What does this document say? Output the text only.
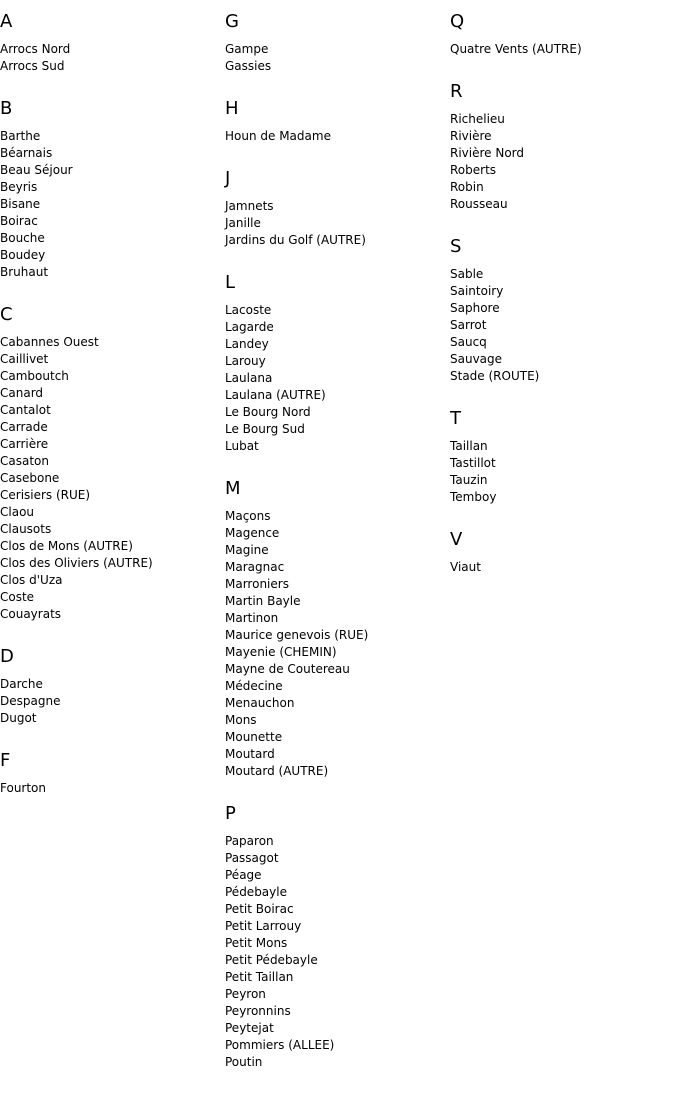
A
Arrocs Nord
Arrocs Sud
B
Barthe
Béarnais
Beau Séjour
Beyris
Bisane
Boirac
Bouche
Boudey
Bruhaut
C
Cabannes Ouest
Caillivet
Camboutch
Canard
Cantalot
Carrade
Carrière
Casaton
Casebone
Cerisiers (RUE)
Claou
Clausots
Clos de Mons (AUTRE)
Clos des Oliviers (AUTRE)
Clos d'Uza
Coste
Couayrats
D
Darche
Despagne
Dugot
F
Fourton
G
Gampe
Gassies
H
Houn de Madame
J
Jamnets
Janille
Jardins du Golf (AUTRE)
L
Lacoste
Lagarde
Landey
Larouy
Laulana
Laulana (AUTRE)
Le Bourg Nord
Le Bourg Sud
Lubat
M
Maçons
Magence
Magine
Maragnac
Marroniers
Martin Bayle
Martinon
Maurice genevois (RUE)
Mayenie (CHEMIN)
Mayne de Coutereau
Médecine
Menauchon
Mons
Mounette
Moutard
Moutard (AUTRE)
P
Paparon
Passagot
Péage
Pédebayle
Petit Boirac
Petit Larrouy
Petit Mons
Petit Pédebayle
Petit Taillan
Peyron
Peyronnins
Peytejat
Pommiers (ALLEE)
Poutin
Q
Quatre Vents (AUTRE)
R
Richelieu
Rivière
Rivière Nord
Roberts
Robin
Rousseau
S
Sable
Saintoiry
Saphore
Sarrot
Saucq
Sauvage
Stade (ROUTE)
T
Taillan
Tastillot
Tauzin
Temboy
V
Viaut
